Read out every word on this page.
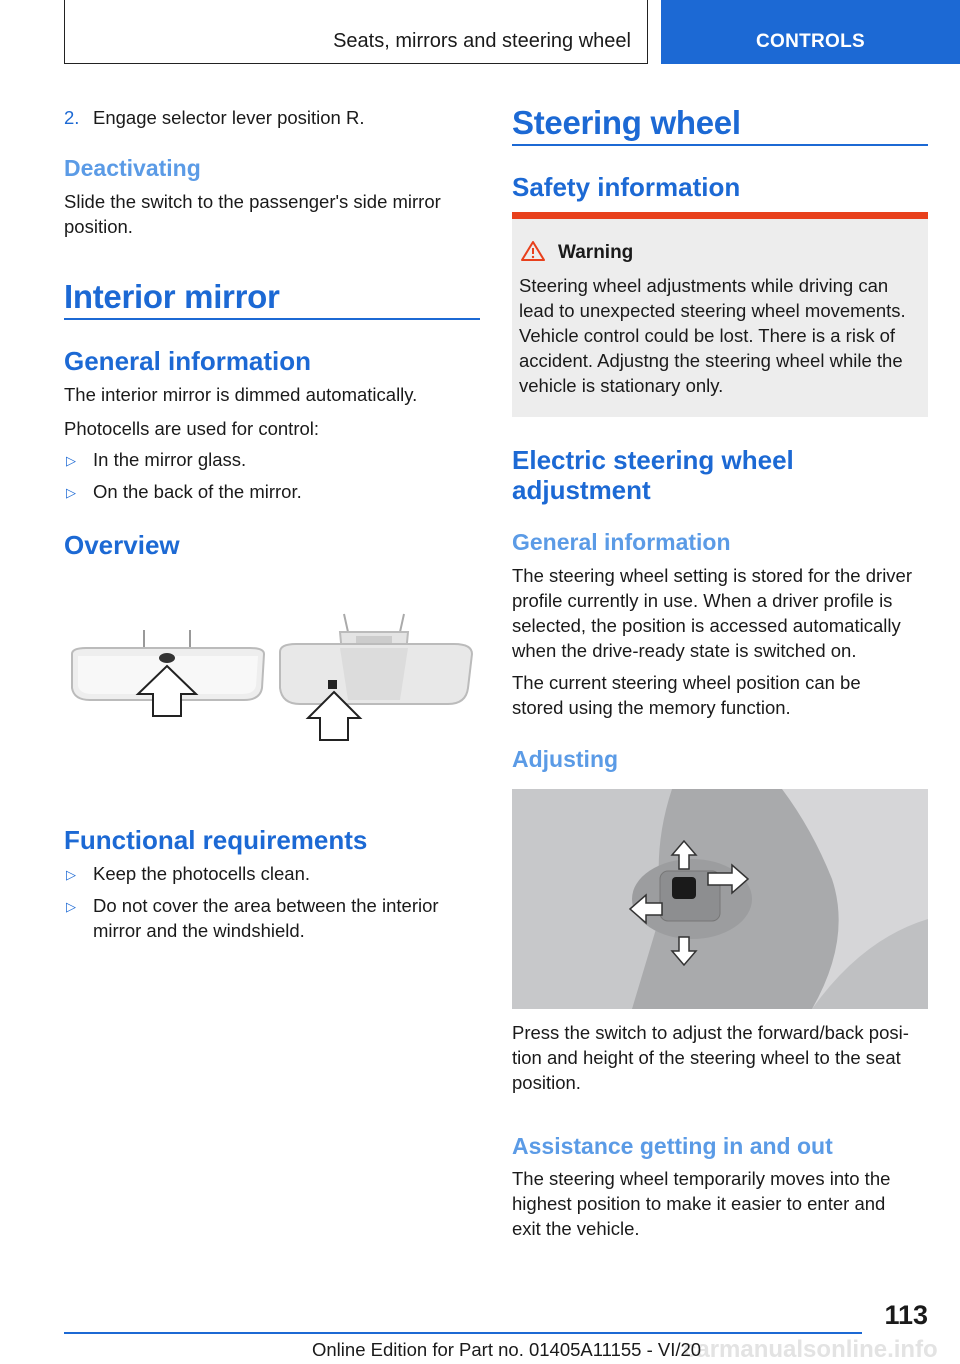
Seats, mirrors and steering wheel	CONTROLS
2. Engage selector lever position R.
Deactivating
Slide the switch to the passenger's side mirror
position.
Interior mirror
General information
The interior mirror is dimmed automatically.
Photocells are used for control:
▷ In the mirror glass.
▷ On the back of the mirror.
Overview
Functional requirements
▷ Keep the photocells clean.
▷ Do not cover the area between the interior
mirror and the windshield.
Steering wheel
Safety information
Warning
Steering wheel adjustments while driving can
lead to unexpected steering wheel movements.
Vehicle control could be lost. There is a risk of
accident. Adjustng the steering wheel while the
vehicle is stationary only.
Electric steering wheel
adjustment
General information
The steering wheel setting is stored for the driver
profile currently in use. When a driver profile is
selected, the position is accessed automatically
when the drive-ready state is switched on.
The current steering wheel position can be
stored using the memory function.
Adjusting
Press the switch to adjust the forward/back posi‐
tion and height of the steering wheel to the seat
position.
Assistance getting in and out
The steering wheel temporarily moves into the
highest position to make it easier to enter and
exit the vehicle.
113
carmanualsonline.info
Online Edition for Part no. 01405A11155 - VI/20
